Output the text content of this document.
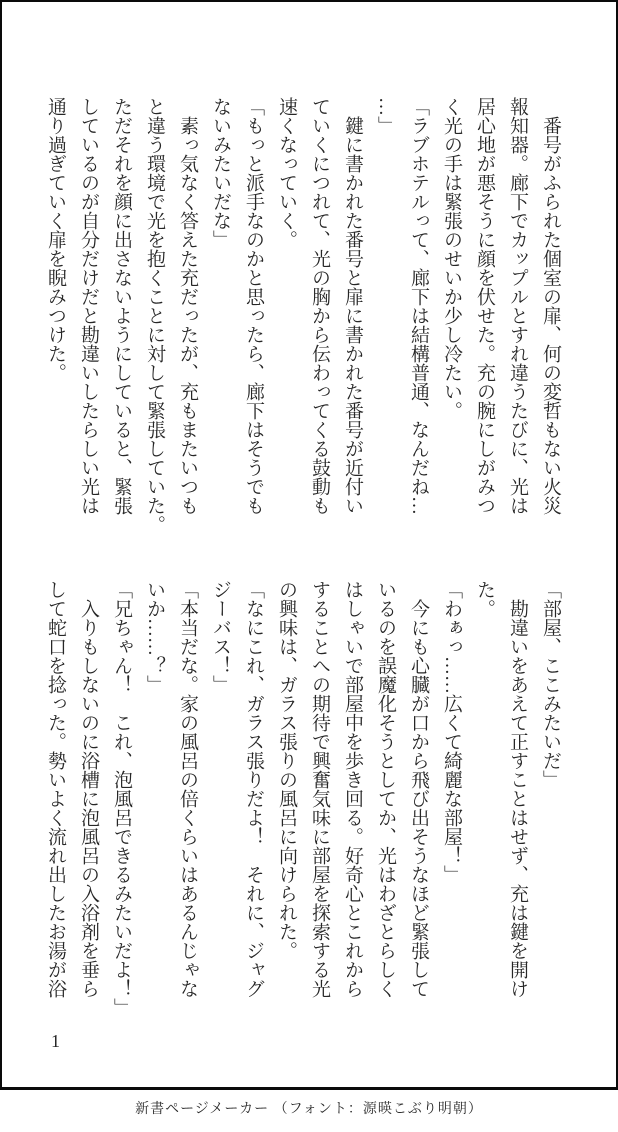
　番号がふられた個室の扉、何の変哲もない火災

報知器。廊下でカップルとすれ違うたびに、光は

居心地が悪そうに顔を伏せた。充の腕にしがみつ

く光の手は緊張のせいか少し冷たい。

「ラブホテルって、廊下は結構普通、なんだね…

…」

　鍵に書かれた番号と扉に書かれた番号が近付い

ていくにつれて、光の胸から伝わってくる鼓動も

速くなっていく。

「もっと派手なのかと思ったら、廊下はそうでも

ないみたいだな」

　素っ気なく答えた充だったが、充もまたいつも

と違う環境で光を抱くことに対して緊張していた。

ただそれを顔に出さないようにしていると、緊張

しているのが自分だけだと勘違いしたらしい光は

通り過ぎていく扉を睨みつけた。

「部屋、ここみたいだ」

　勘違いをあえて正すことはせず、充は鍵を開け

た。

「わぁっ……広くて綺麗な部屋！」

　今にも心臓が口から飛び出そうなほど緊張して

いるのを誤魔化そうとしてか、光はわざとらしく

はしゃいで部屋中を歩き回る。好奇心とこれから

することへの期待で興奮気味に部屋を探索する光

の興味は、ガラス張りの風呂に向けられた。

「なにこれ、ガラス張りだよ！　それに、ジャグ

ジーバス！」

「本当だな。家の風呂の倍くらいはあるんじゃな

いか……？」

「兄ちゃん！　これ、泡風呂できるみたいだよ！」

　入りもしないのに浴槽に泡風呂の入浴剤を垂ら

して蛇口を捻った。勢いよく流れ出したお湯が浴

1
新書ページメーカー （フォント：源暎こぶり明朝）
